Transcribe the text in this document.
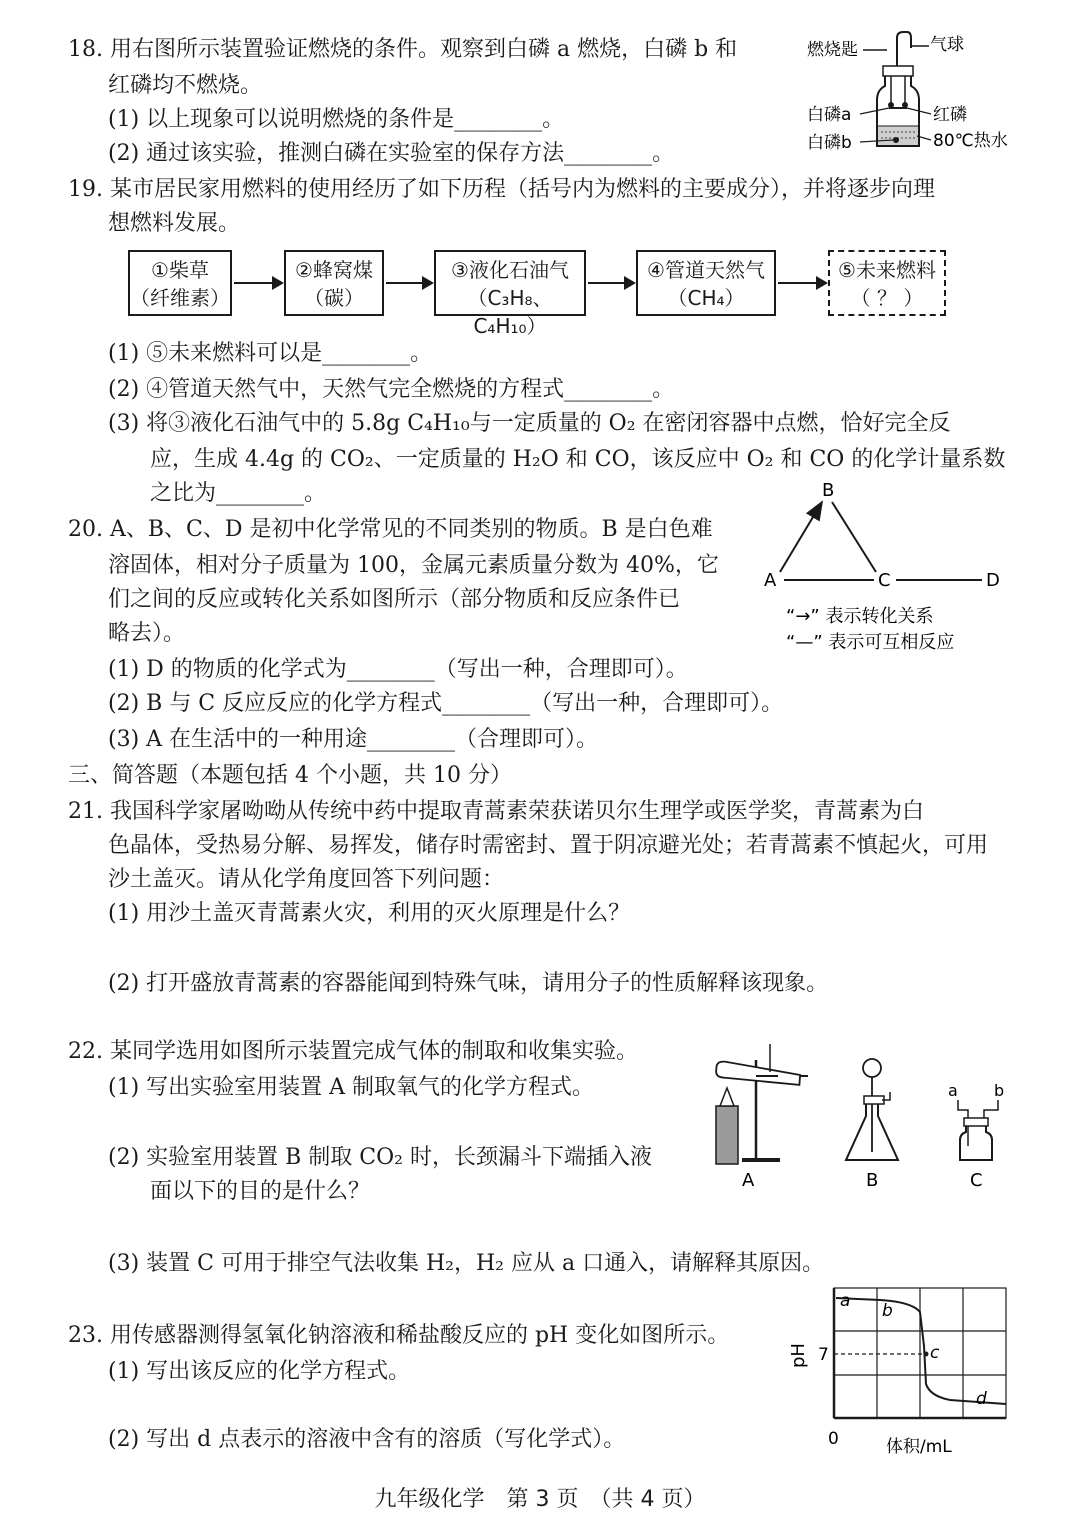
18. 用右图所示装置验证燃烧的条件。观察到白磷 a 燃烧，白磷 b 和
红磷均不燃烧。
(1) 以上现象可以说明燃烧的条件是________。
(2) 通过该实验，推测白磷在实验室的保存方法________。
燃烧匙	气球
白磷a	红磷
白磷b	80℃热水
19. 某市居民家用燃料的使用经历了如下历程（括号内为燃料的主要成分），并将逐步向理
想燃料发展。
①柴草
（纤维素）
②蜂窝煤
（碳）
③液化石油气
（C₃H₈、C₄H₁₀）
④管道天然气
（CH₄）
⑤未来燃料
（ ？ ）
(1) ⑤未来燃料可以是________。
(2) ④管道天然气中，天然气完全燃烧的方程式________。
(3) 将③液化石油气中的 5.8g C₄H₁₀与一定质量的 O₂ 在密闭容器中点燃，恰好完全反
应，生成 4.4g 的 CO₂、一定质量的 H₂O 和 CO，该反应中 O₂ 和 CO 的化学计量系数
之比为________。
20. A、B、C、D 是初中化学常见的不同类别的物质。B 是白色难
溶固体，相对分子质量为 100，金属元素质量分数为 40%，它
们之间的反应或转化关系如图所示（部分物质和反应条件已
略去）。
(1) D 的物质的化学式为________（写出一种，合理即可）。
(2) B 与 C 反应反应的化学方程式________（写出一种，合理即可）。
(3) A 在生活中的一种用途________（合理即可）。
B
A	C	D
“→” 表示转化关系
“—” 表示可互相反应
三、简答题（本题包括 4 个小题，共 10 分）
21. 我国科学家屠呦呦从传统中药中提取青蒿素荣获诺贝尔生理学或医学奖，青蒿素为白
色晶体，受热易分解、易挥发，储存时需密封、置于阴凉避光处；若青蒿素不慎起火，可用
沙土盖灭。请从化学角度回答下列问题：
(1) 用沙土盖灭青蒿素火灾，利用的灭火原理是什么？
(2) 打开盛放青蒿素的容器能闻到特殊气味，请用分子的性质解释该现象。
22. 某同学选用如图所示装置完成气体的制取和收集实验。
(1) 写出实验室用装置 A 制取氧气的化学方程式。
(2) 实验室用装置 B 制取 CO₂ 时，长颈漏斗下端插入液
面以下的目的是什么？
(3) 装置 C 可用于排空气法收集 H₂，H₂ 应从 a 口通入，请解释其原因。
A	B
a b
C
23. 用传感器测得氢氧化钠溶液和稀盐酸反应的 pH 变化如图所示。
(1) 写出该反应的化学方程式。
(2) 写出 d 点表示的溶液中含有的溶质（写化学式）。
a b
c
d
7
0	体积/mL
pH
九年级化学　第 3 页　（共 4 页）
